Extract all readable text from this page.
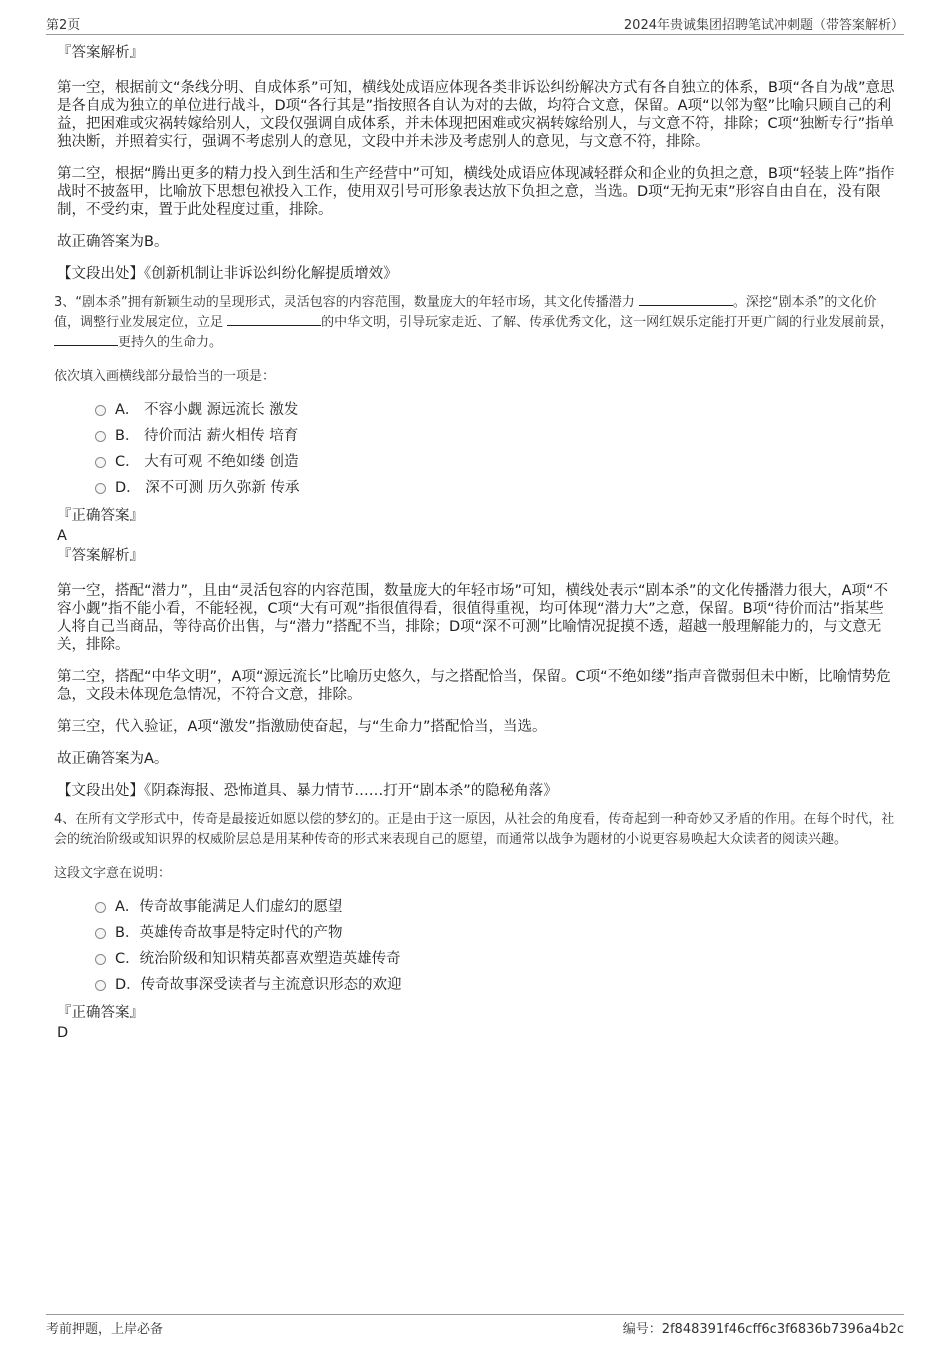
第2页	2024年贵诚集团招聘笔试冲刺题（带答案解析）

『答案解析』

第一空，根据前文“条线分明、自成体系”可知，横线处成语应体现各类非诉讼纠纷解决方式有各自独立的体系，B项“各自为战”意思是各自成为独立的单位进行战斗，D项“各行其是”指按照各自认为对的去做，均符合文意，保留。A项“以邻为壑”比喻只顾自己的利益，把困难或灾祸转嫁给别人，文段仅强调自成体系，并未体现把困难或灾祸转嫁给别人，与文意不符，排除；C项“独断专行”指单独决断，并照着实行，强调不考虑别人的意见，文段中并未涉及考虑别人的意见，与文意不符，排除。

第二空，根据“腾出更多的精力投入到生活和生产经营中”可知，横线处成语应体现减轻群众和企业的负担之意，B项“轻装上阵”指作战时不披盔甲，比喻放下思想包袱投入工作，使用双引号可形象表达放下负担之意，当选。D项“无拘无束”形容自由自在，没有限制，不受约束，置于此处程度过重，排除。

故正确答案为B。

【文段出处】《创新机制让非诉讼纠纷化解提质增效》

3、“剧本杀”拥有新颖生动的呈现形式，灵活包容的内容范围，数量庞大的年轻市场，其文化传播潜力	。深挖“剧本杀”的文化价值，调整行业发展定位，立足	的中华文明，引导玩家走近、了解、传承优秀文化，这一网红娱乐定能打开更广阔的行业发展前景， 更持久的生命力。

依次填入画横线部分最恰当的一项是：

A． 不容小觑 源远流长 激发
B． 待价而沽 薪火相传 培育
C． 大有可观 不绝如缕 创造
D． 深不可测 历久弥新 传承

『正确答案』

A

『答案解析』

第一空，搭配“潜力”，且由“灵活包容的内容范围，数量庞大的年轻市场”可知，横线处表示“剧本杀”的文化传播潜力很大，A项“不容小觑”指不能小看，不能轻视，C项“大有可观”指很值得看，很值得重视，均可体现“潜力大”之意，保留。B项“待价而沽”指某些人将自己当商品，等待高价出售，与“潜力”搭配不当，排除；D项“深不可测”比喻情况捉摸不透，超越一般理解能力的，与文意无关，排除。

第二空，搭配“中华文明”，A项“源远流长”比喻历史悠久，与之搭配恰当，保留。C项“不绝如缕”指声音微弱但未中断，比喻情势危急，文段未体现危急情况，不符合文意，排除。

第三空，代入验证，A项“激发”指激励使奋起，与“生命力”搭配恰当，当选。

故正确答案为A。

【文段出处】《阴森海报、恐怖道具、暴力情节……打开“剧本杀”的隐秘角落》

4、在所有文学形式中，传奇是最接近如愿以偿的梦幻的。正是由于这一原因，从社会的角度看，传奇起到一种奇妙又矛盾的作用。在每个时代，社会的统治阶级或知识界的权威阶层总是用某种传奇的形式来表现自己的愿望，而通常以战争为题材的小说更容易唤起大众读者的阅读兴趣。

这段文字意在说明：

A．传奇故事能满足人们虚幻的愿望
B．英雄传奇故事是特定时代的产物
C．统治阶级和知识精英都喜欢塑造英雄传奇
D．传奇故事深受读者与主流意识形态的欢迎

『正确答案』

D

考前押题，上岸必备	编号：2f848391f46cff6c3f6836b7396a4b2c
